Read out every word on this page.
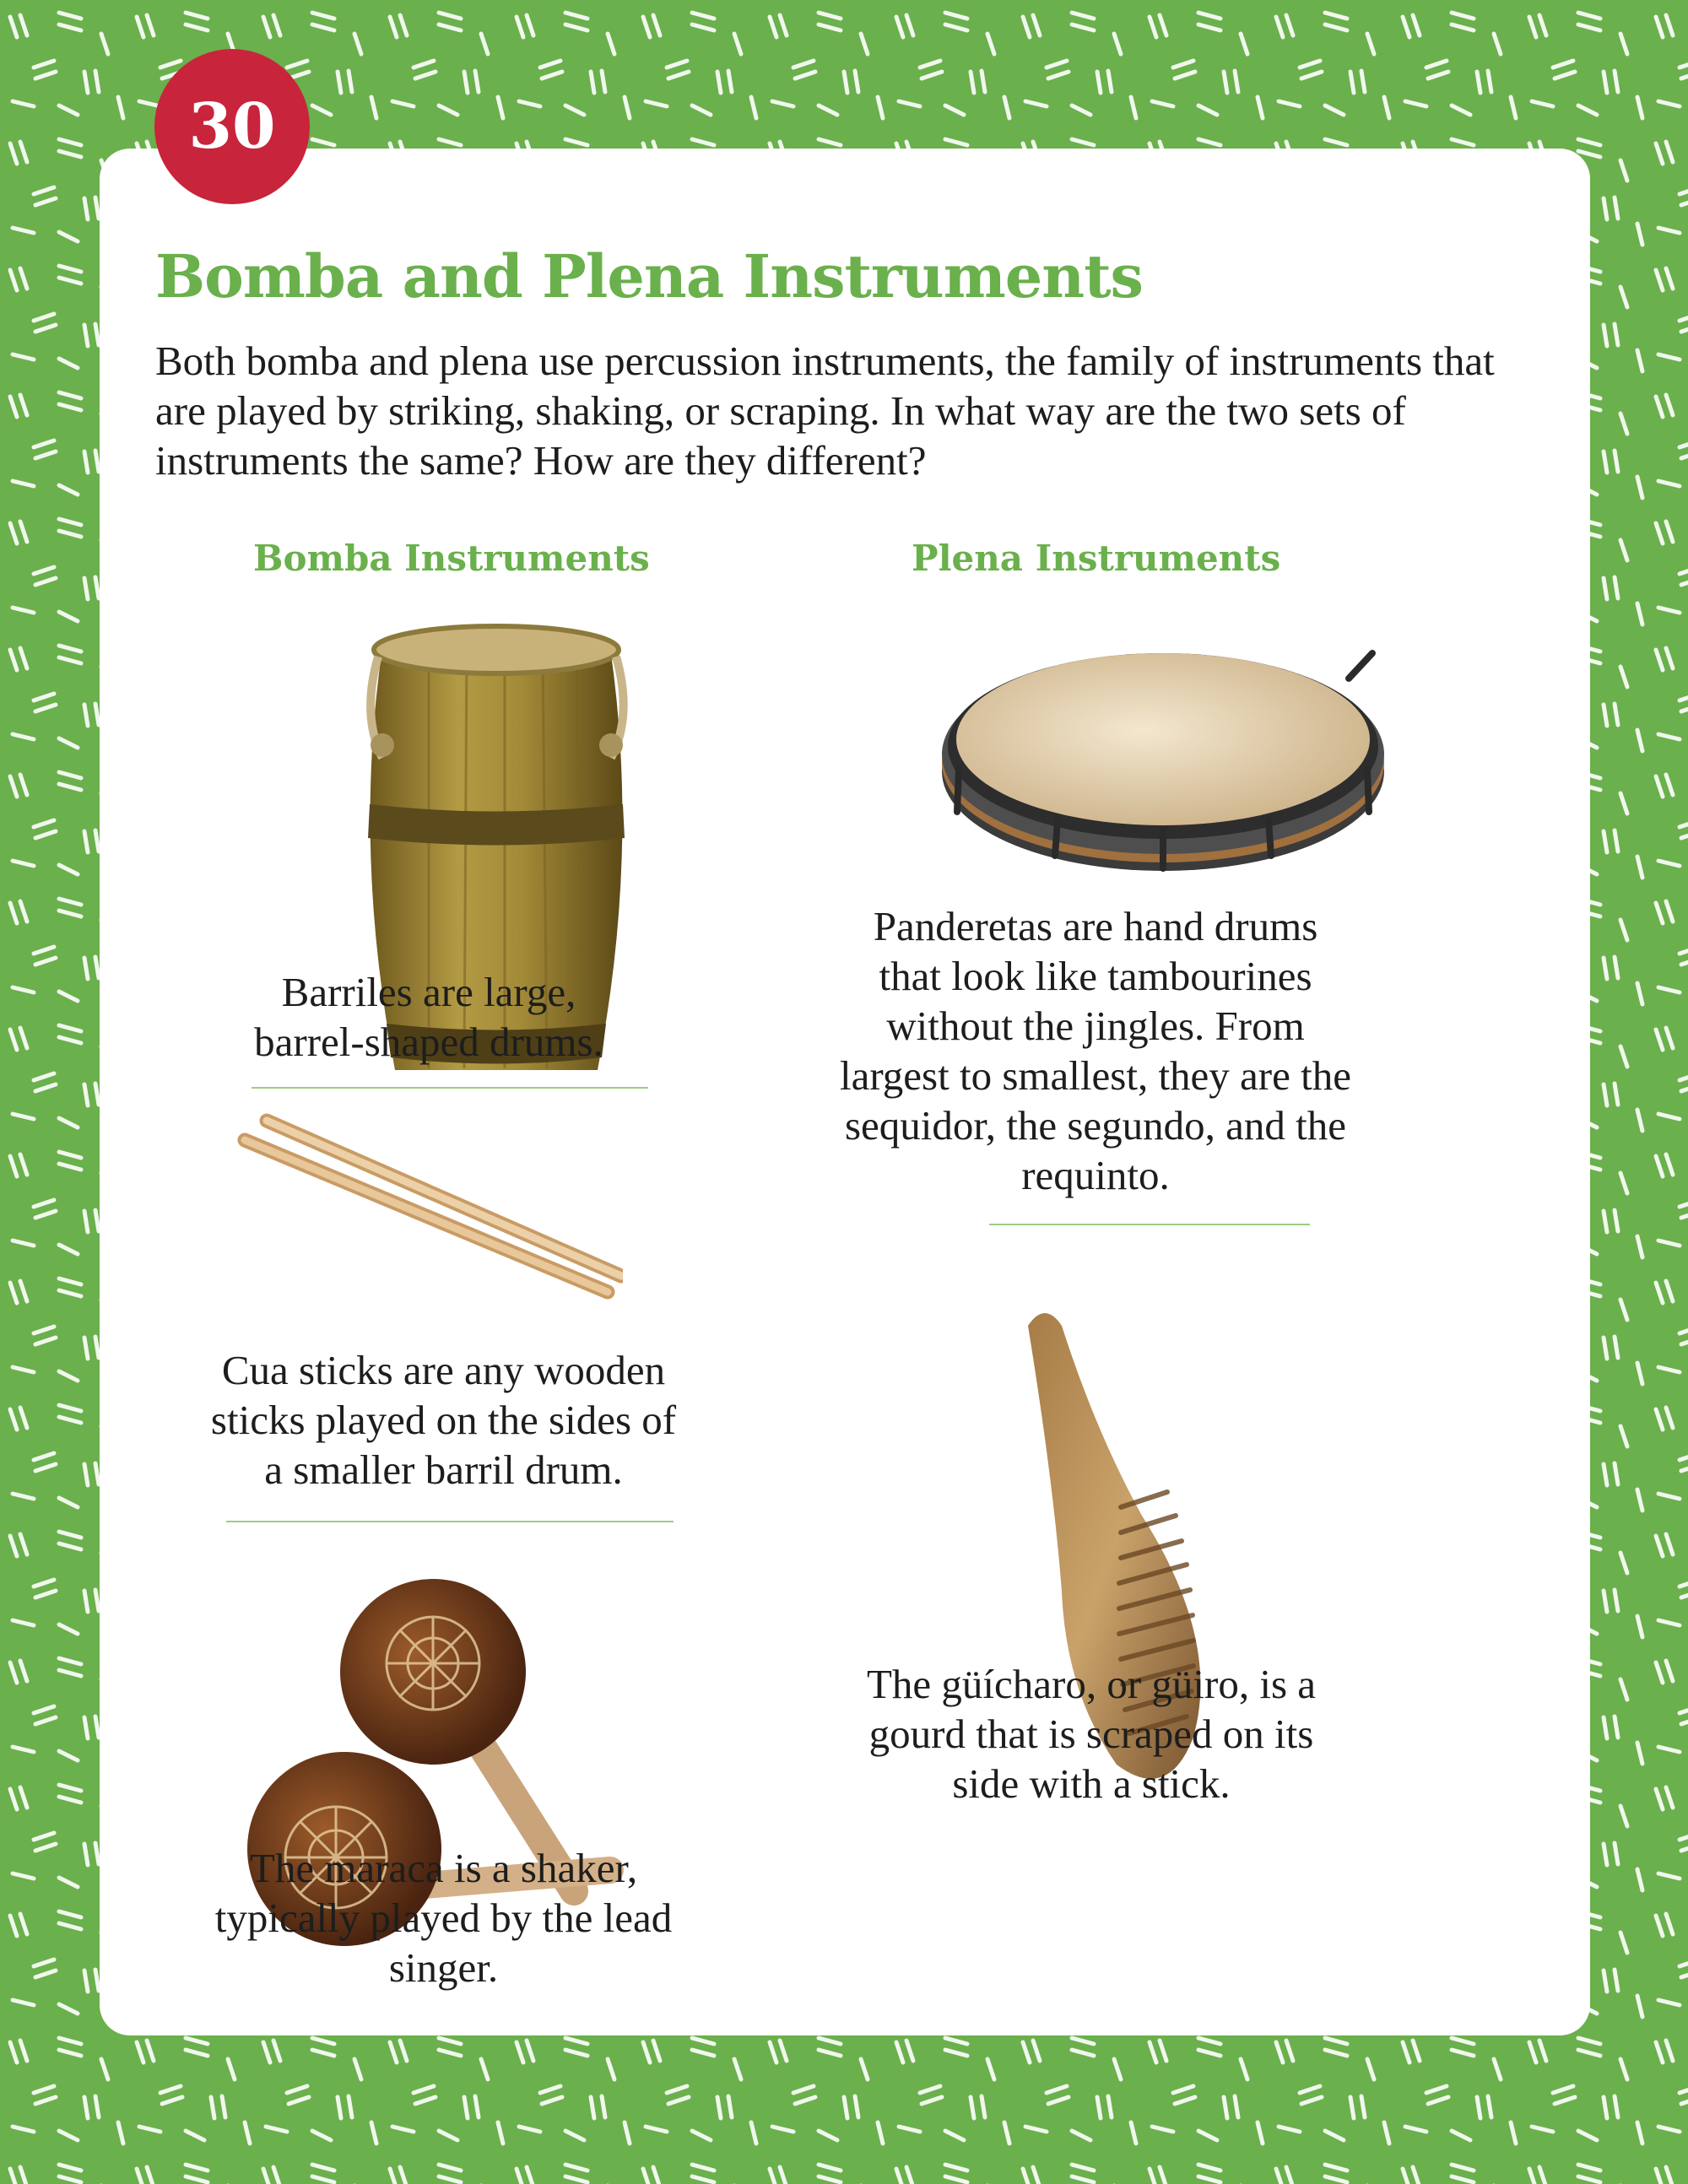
30
Bomba and Plena Instruments

Both bomba and plena use percussion instruments, the family of instruments that are played by striking, shaking, or scraping. In what way are the two sets of instruments the same? How are they different?

Bomba Instruments

Barriles are large, barrel-shaped drums.

Cua sticks are any wooden sticks played on the sides of a smaller barril drum.

The maraca is a shaker, typically played by the lead singer.

Plena Instruments

Panderetas are hand drums that look like tambourines without the jingles. From largest to smallest, they are the sequidor, the segundo, and the requinto.

The güícharo, or güiro, is a gourd that is scraped on its side with a stick.
